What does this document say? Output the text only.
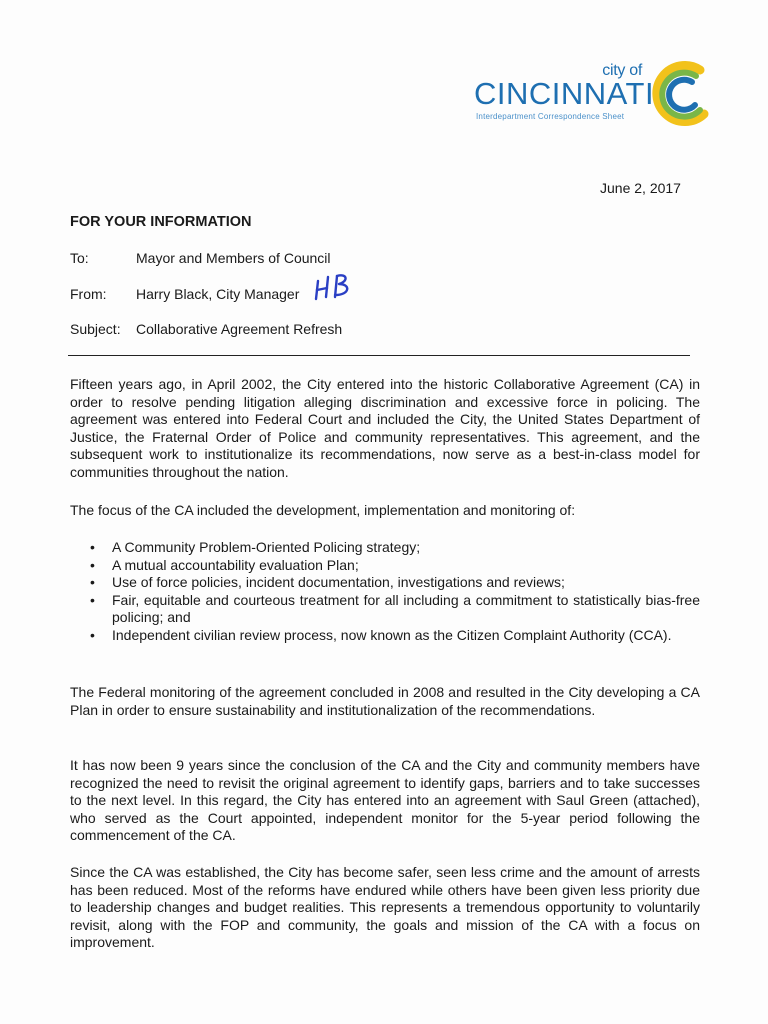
city of
CINCINNATI
Interdepartment Correspondence Sheet
June 2, 2017
FOR YOUR INFORMATION
To:	Mayor and Members of Council
From: Harry Black, City Manager
Subject: Collaborative Agreement Refresh

Fifteen years ago, in April 2002, the City entered into the historic Collaborative Agreement (CA) in order to resolve pending litigation alleging discrimination and excessive force in policing. The agreement was entered into Federal Court and included the City, the United States Department of Justice, the Fraternal Order of Police and community representatives. This agreement, and the subsequent work to institutionalize its recommendations, now serve as a best-in-class model for communities throughout the nation.

The focus of the CA included the development, implementation and monitoring of:

• A Community Problem-Oriented Policing strategy;
• A mutual accountability evaluation Plan;
• Use of force policies, incident documentation, investigations and reviews;
• Fair, equitable and courteous treatment for all including a commitment to statistically bias-free policing; and
• Independent civilian review process, now known as the Citizen Complaint Authority (CCA).

The Federal monitoring of the agreement concluded in 2008 and resulted in the City developing a CA Plan in order to ensure sustainability and institutionalization of the recommendations.

It has now been 9 years since the conclusion of the CA and the City and community members have recognized the need to revisit the original agreement to identify gaps, barriers and to take successes to the next level. In this regard, the City has entered into an agreement with Saul Green (attached), who served as the Court appointed, independent monitor for the 5-year period following the commencement of the CA.

Since the CA was established, the City has become safer, seen less crime and the amount of arrests has been reduced. Most of the reforms have endured while others have been given less priority due to leadership changes and budget realities. This represents a tremendous opportunity to voluntarily revisit, along with the FOP and community, the goals and mission of the CA with a focus on improvement.
